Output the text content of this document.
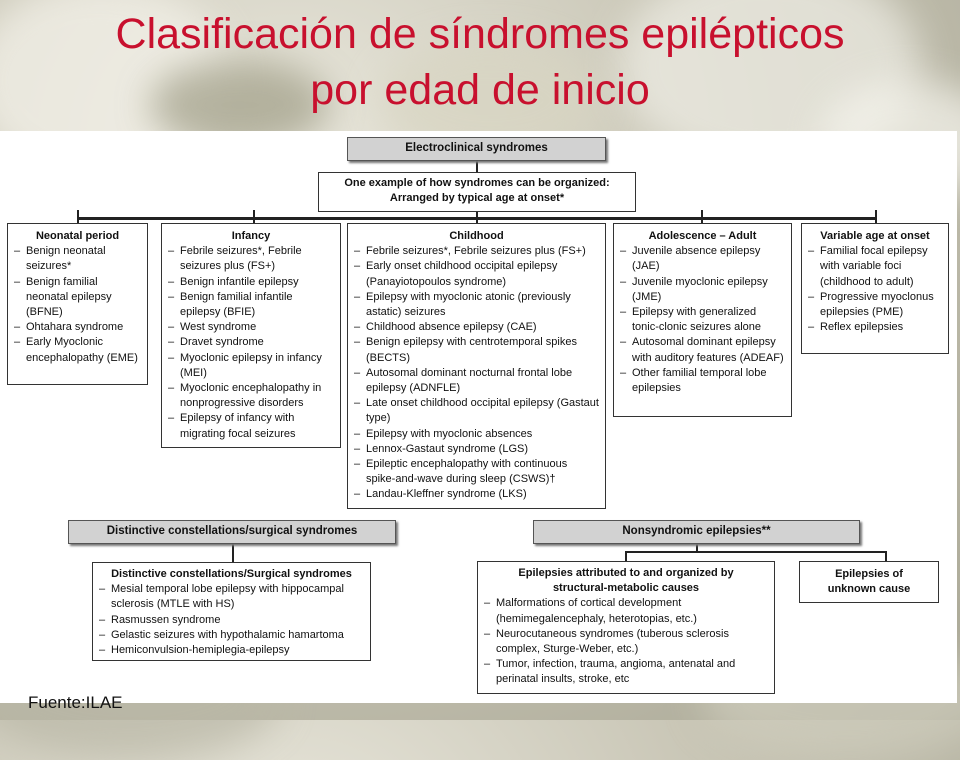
Clasificación de síndromes epilépticos
por edad de inicio
Electroclinical syndromes
One example of how syndromes can be organized:
Arranged by typical age at onset*
Neonatal period
– Benign neonatal seizures*
– Benign familial neonatal epilepsy (BFNE)
– Ohtahara syndrome
– Early Myoclonic encephalopathy (EME)
Infancy
– Febrile seizures*, Febrile seizures plus (FS+)
– Benign infantile epilepsy
– Benign familial infantile epilepsy (BFIE)
– West syndrome
– Dravet syndrome
– Myoclonic epilepsy in infancy (MEI)
– Myoclonic encephalopathy in nonprogressive disorders
– Epilepsy of infancy with migrating focal seizures
Childhood
– Febrile seizures*, Febrile seizures plus (FS+)
– Early onset childhood occipital epilepsy (Panayiotopoulos syndrome)
– Epilepsy with myoclonic atonic (previously astatic) seizures
– Childhood absence epilepsy (CAE)
– Benign epilepsy with centrotemporal spikes (BECTS)
– Autosomal dominant nocturnal frontal lobe epilepsy (ADNFLE)
– Late onset childhood occipital epilepsy (Gastaut type)
– Epilepsy with myoclonic absences
– Lennox-Gastaut syndrome (LGS)
– Epileptic encephalopathy with continuous spike-and-wave during sleep (CSWS)†
– Landau-Kleffner syndrome (LKS)
Adolescence – Adult
– Juvenile absence epilepsy (JAE)
– Juvenile myoclonic epilepsy (JME)
– Epilepsy with generalized tonic-clonic seizures alone
– Autosomal dominant epilepsy with auditory features (ADEAF)
– Other familial temporal lobe epilepsies
Variable age at onset
– Familial focal epilepsy with variable foci (childhood to adult)
– Progressive myoclonus epilepsies (PME)
– Reflex epilepsies
Distinctive constellations/surgical syndromes	Nonsyndromic epilepsies**
Distinctive constellations/Surgical syndromes
– Mesial temporal lobe epilepsy with hippocampal sclerosis (MTLE with HS)
– Rasmussen syndrome
– Gelastic seizures with hypothalamic hamartoma
– Hemiconvulsion-hemiplegia-epilepsy
Epilepsies attributed to and organized by
structural-metabolic causes
– Malformations of cortical development (hemimegalencephaly, heterotopias, etc.)
– Neurocutaneous syndromes (tuberous sclerosis complex, Sturge-Weber, etc.)
– Tumor, infection, trauma, angioma, antenatal and perinatal insults, stroke, etc
Epilepsies of
unknown cause
Fuente:ILAE
